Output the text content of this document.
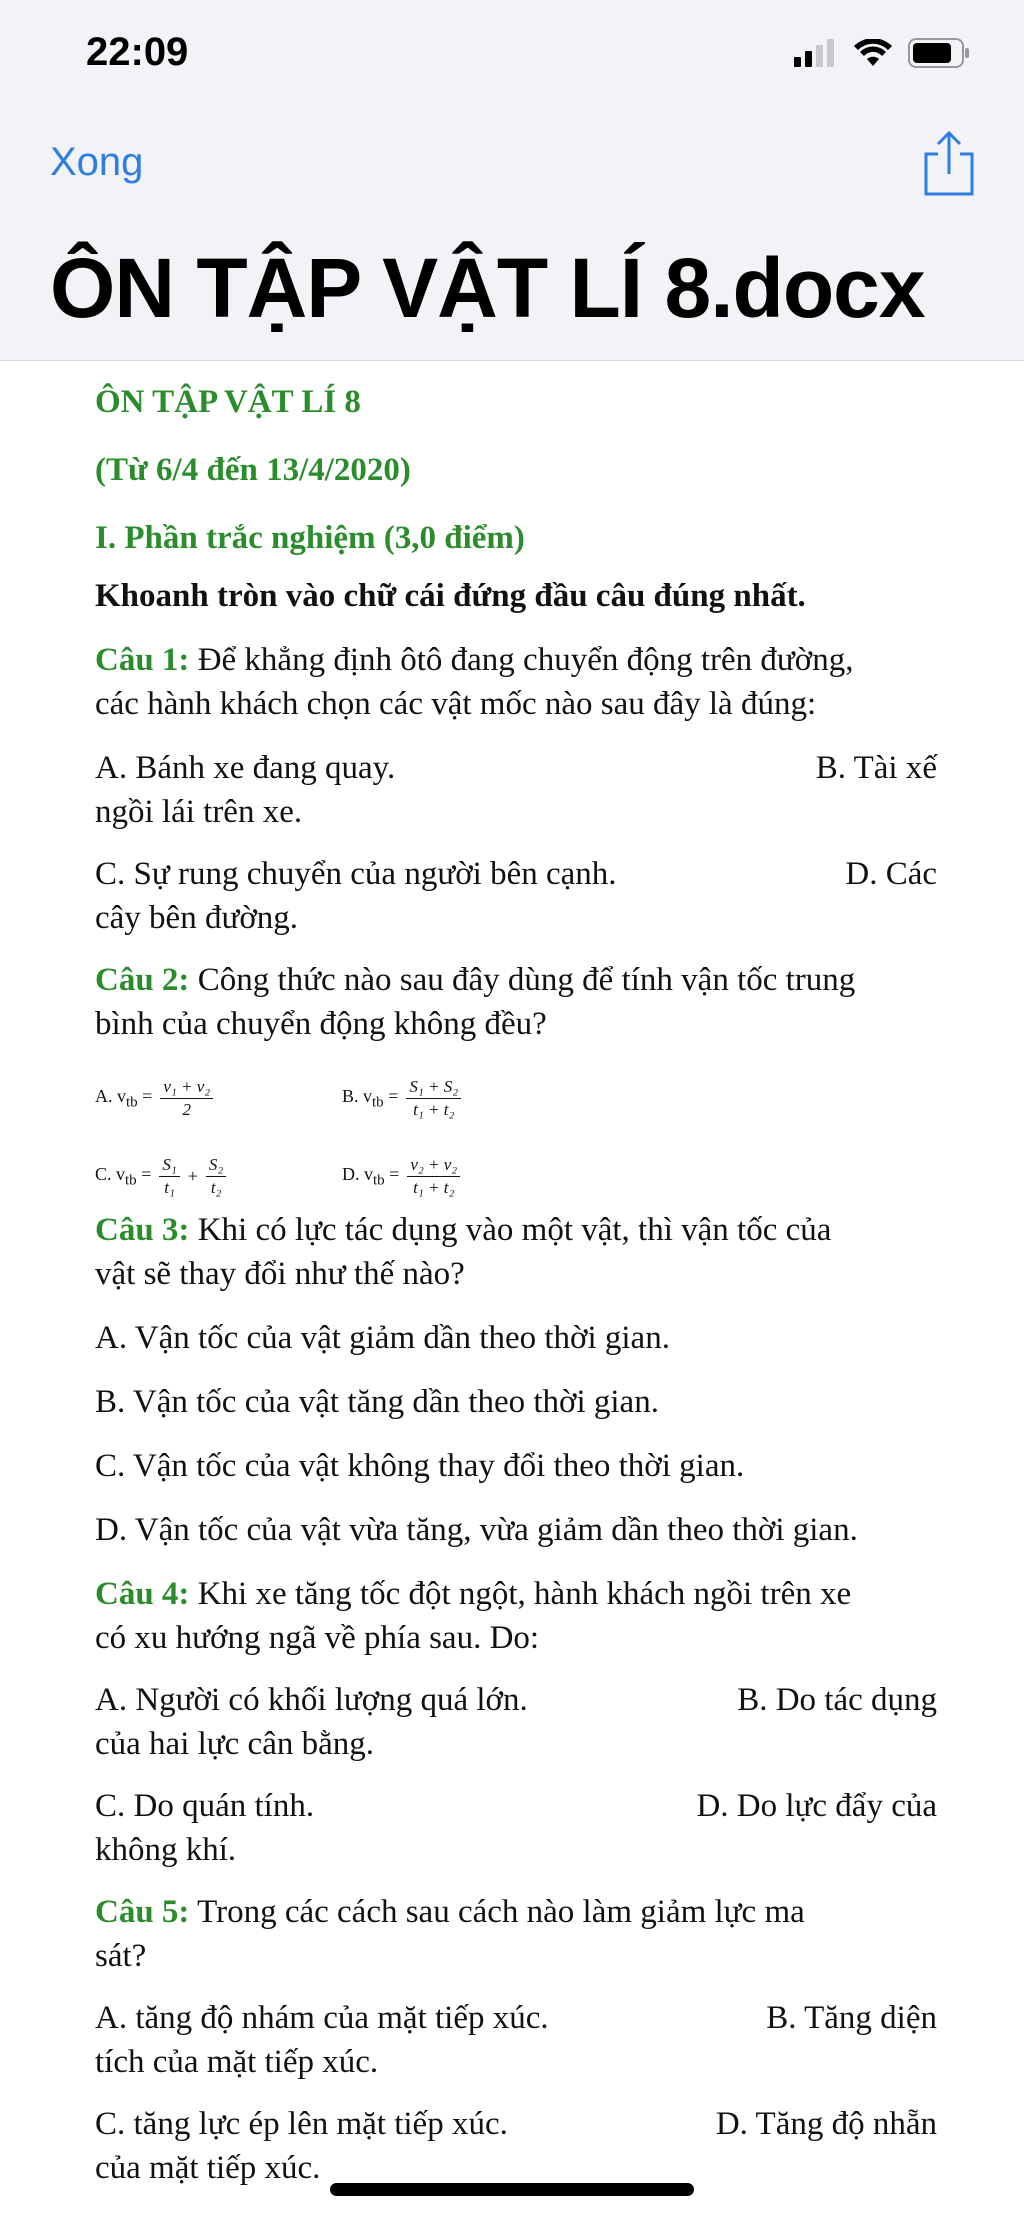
22:09
Xong
ÔN TẬP VẬT LÍ 8.docx
ÔN TẬP VẬT LÍ 8
(Từ 6/4 đến 13/4/2020)
I. Phần trắc nghiệm (3,0 điểm)
Khoanh tròn vào chữ cái đứng đầu câu đúng nhất.
Câu 1: Để khẳng định ôtô đang chuyển động trên đường,
các hành khách chọn các vật mốc nào sau đây là đúng:
A. Bánh xe đang quay.	B. Tài xế
ngồi lái trên xe.
C. Sự rung chuyển của người bên cạnh.	D. Các
cây bên đường.
Câu 2: Công thức nào sau đây dùng để tính vận tốc trung
bình của chuyển động không đều?
A. $v_{tb} = \frac{\text{v₁ + v₂}}{2}$	B. $v_{tb} = \frac{\text{S₁ + S₂}}{\text{t₁ + t₂}}$
C. $v_{tb} = \frac{\text{S₁}}{\text{t₁}} + \frac{\text{S₂}}{\text{t₂}}$	D. $v_{tb} = \frac{\text{v₂ + v₂}}{\text{t₁ + t₂}}$
Câu 3: Khi có lực tác dụng vào một vật, thì vận tốc của
vật sẽ thay đổi như thế nào?
A. Vận tốc của vật giảm dần theo thời gian.
B. Vận tốc của vật tăng dần theo thời gian.
C. Vận tốc của vật không thay đổi theo thời gian.
D. Vận tốc của vật vừa tăng, vừa giảm dần theo thời gian.
Câu 4: Khi xe tăng tốc đột ngột, hành khách ngồi trên xe
có xu hướng ngã về phía sau. Do:
A. Người có khối lượng quá lớn.	B. Do tác dụng
của hai lực cân bằng.
C. Do quán tính.	D. Do lực đẩy của
không khí.
Câu 5: Trong các cách sau cách nào làm giảm lực ma
sát?
A. tăng độ nhám của mặt tiếp xúc.	B. Tăng diện
tích của mặt tiếp xúc.
C. tăng lực ép lên mặt tiếp xúc.	D. Tăng độ nhẵn
của mặt tiếp xúc.
